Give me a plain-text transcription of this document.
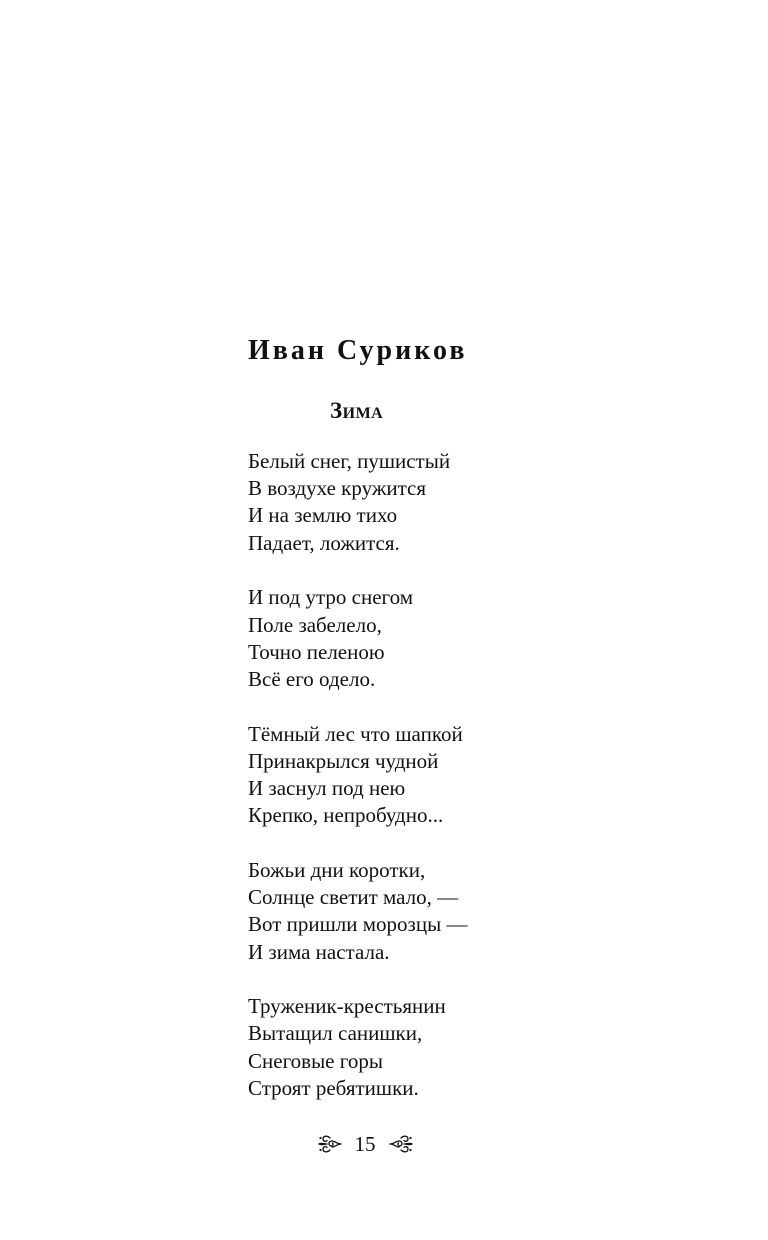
Иван Суриков
Зима
Белый снег, пушистый
В воздухе кружится
И на землю тихо
Падает, ложится.
И под утро снегом
Поле забелело,
Точно пеленою
Всё его одело.
Тёмный лес что шапкой
Принакрылся чудной
И заснул под нею
Крепко, непробудно...
Божьи дни коротки,
Солнце светит мало, —
Вот пришли морозцы —
И зима настала.
Труженик-крестьянин
Вытащил санишки,
Снеговые горы
Строят ребятишки.
15
